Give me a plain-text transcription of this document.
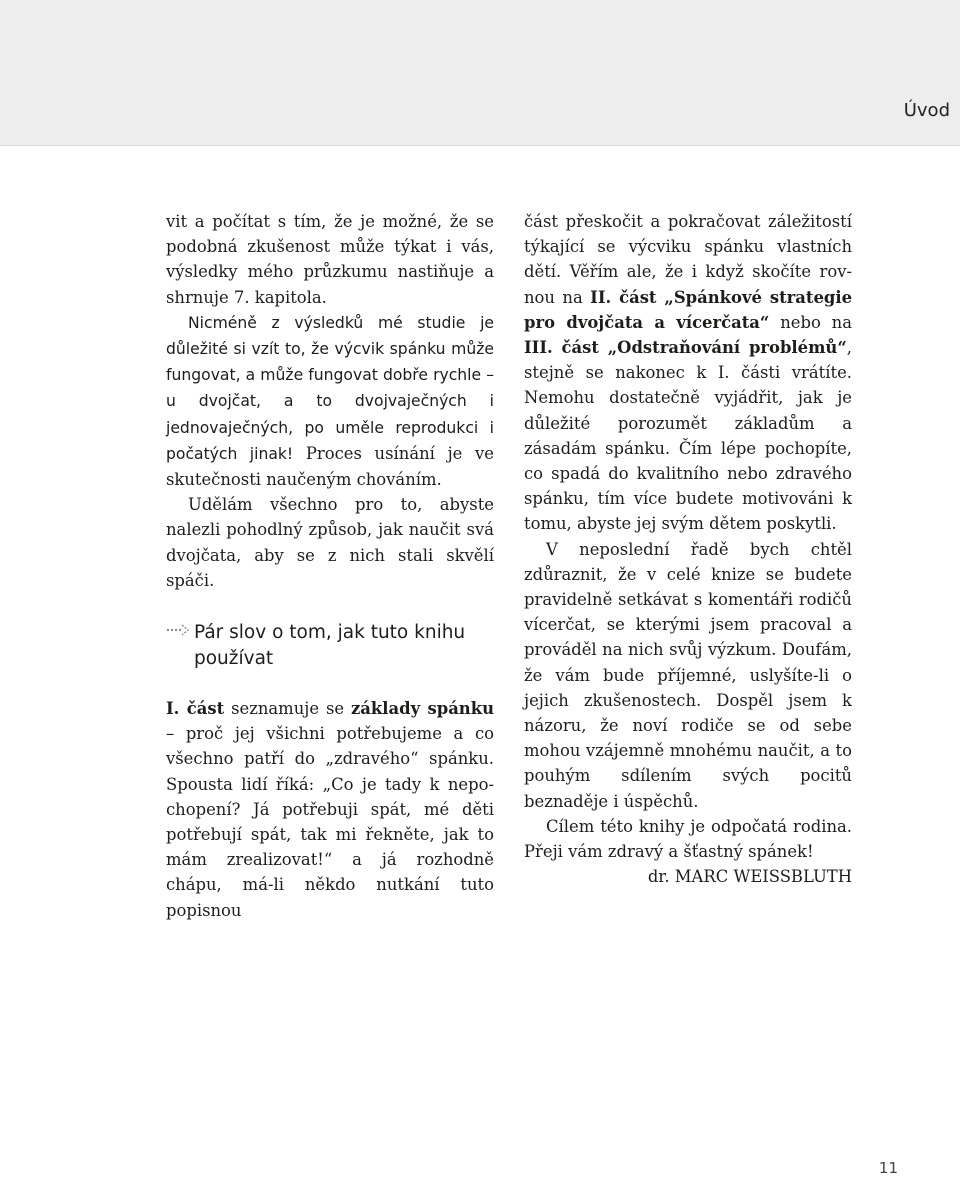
Úvod

vit a počítat s tím, že je možné, že se podobná zkušenost může týkat i vás, výsledky mého průzkumu nastiňuje a shrnuje 7. kapitola.

Nicméně z výsledků mé studie je důležité si vzít to, že výcvik spánku může fungovat, a může fungovat dobře rychle – u dvojčat, a to dvojvaječných i jednovaječných, po uměle reprodukci i počatých jinak! Proces usínání je ve skutečnosti naučeným chováním.

Udělám všechno pro to, abyste nalezli pohodlný způsob, jak naučit svá dvojčata, aby se z nich stali skvělí spáči.

Pár slov o tom, jak tuto knihu používat

I. část seznamuje se základy spánku – proč jej všichni potřebujeme a co všechno patří do „zdravého“ spánku. Spousta lidí říká: „Co je tady k nepochopení? Já potřebuji spát, mé děti potřebují spát, tak mi řekněte, jak to mám zrealizovat!“ a já rozhodně chápu, má-li někdo nutkání tuto popisnou

část přeskočit a pokračovat záležitostí týkající se výcviku spánku vlastních dětí. Věřím ale, že i když skočíte rovnou na II. část „Spánkové strategie pro dvojčata a vícerčata“ nebo na III. část „Odstraňování problémů“, stejně se nakonec k I. části vrátíte. Nemohu dostatečně vyjádřit, jak je důležité porozumět základům a zásadám spánku. Čím lépe pochopíte, co spadá do kvalitního nebo zdravého spánku, tím více budete motivováni k tomu, abyste jej svým dětem poskytli.

V neposlední řadě bych chtěl zdůraznit, že v celé knize se budete pravidelně setkávat s komentáři rodičů vícerčat, se kterými jsem pracoval a prováděl na nich svůj výzkum. Doufám, že vám bude příjemné, uslyšíte-li o jejich zkušenostech. Dospěl jsem k názoru, že noví rodiče se od sebe mohou vzájemně mnohému naučit, a to pouhým sdílením svých pocitů beznaděje i úspěchů.

Cílem této knihy je odpočatá rodina. Přeji vám zdravý a šťastný spánek!

dr. MARC WEISSBLUTH

11
